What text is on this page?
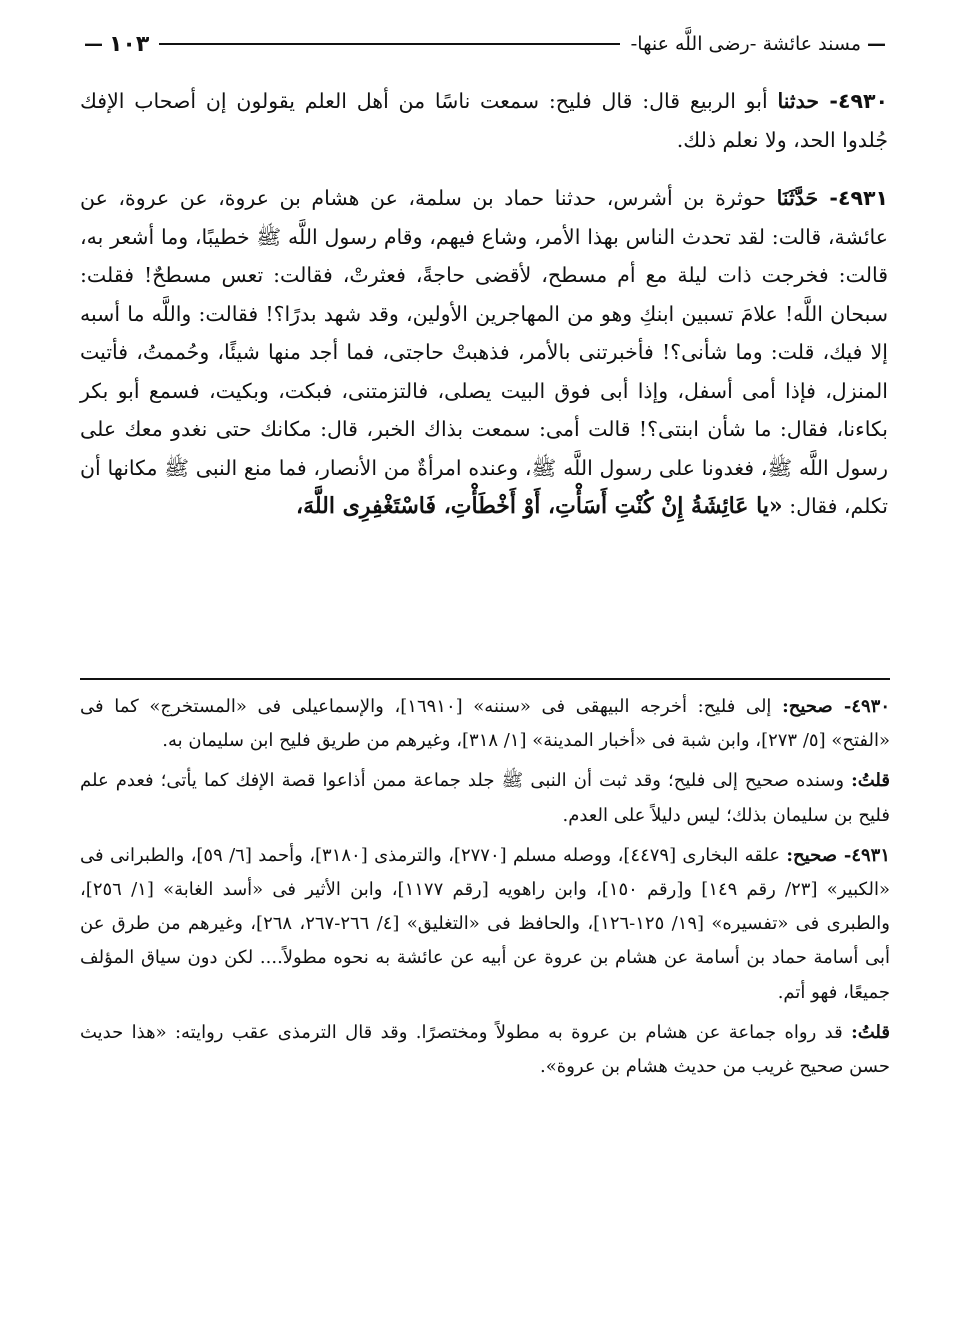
—
مسند عائشة -رضى اللَّه عنها-
١٠٣
—

٤٩٣٠- حدثنا أبو الربيع قال: قال فليح: سمعت ناسًا من أهل العلم يقولون إن أصحاب الإفك جُلدوا الحد، ولا نعلم ذلك.

٤٩٣١- حَدَّثَنَا حوثرة بن أشرس، حدثنا حماد بن سلمة، عن هشام بن عروة، عن عروة، عن عائشة، قالت: لقد تحدث الناس بهذا الأمر، وشاع فيهم، وقام رسول اللَّه ﷺ خطيبًا، وما أشعر به، قالت: فخرجت ذات ليلة مع أم مسطح، لأقضى حاجةً، فعثرتْ، فقالت: تعس مسطحٌ! فقلت: سبحان اللَّه! علامَ تسبين ابنكِ وهو من المهاجرين الأولين، وقد شهد بدرًا؟! فقالت: واللَّه ما أسبه إلا فيك، قلت: وما شأنى؟! فأخبرتنى بالأمر، فذهبتْ حاجتى، فما أجد منها شيئًا، وحُممتُ، فأتيت المنزل، فإذا أمى أسفل، وإذا أبى فوق البيت يصلى، فالتزمتنى، فبكت، وبكيت، فسمع أبو بكر بكاءنا، فقال: ما شأن ابنتى؟! قالت أمى: سمعت بذاك الخبر، قال: مكانك حتى نغدو معك على رسول اللَّه ﷺ، فغدونا على رسول اللَّه ﷺ، وعنده امرأةٌ من الأنصار، فما منع النبى ﷺ مكانها أن تكلم، فقال: «يا عَائِشَةُ إِنْ كُنْتِ أَسَأْتِ، أَوْ أَخْطَأْتِ، فَاسْتَغْفِرِى اللَّهَ،

٤٩٣٠- صحيح: إلى فليح: أخرجه البيهقى فى «سننه» [١٦٩١٠]، والإسماعيلى فى «المستخرج» كما فى «الفتح» [٥/ ٢٧٣]، وابن شبة فى «أخبار المدينة» [١/ ٣١٨]، وغيرهم من طريق فليح ابن سليمان به.

قلتُ: وسنده صحيح إلى فليح؛ وقد ثبت أن النبى ﷺ جلد جماعة ممن أذاعوا قصة الإفك كما يأتى؛ فعدم علم فليح بن سليمان بذلك؛ ليس دليلاً على العدم.

٤٩٣١- صحيح: علقه البخارى [٤٤٧٩]، ووصله مسلم [٢٧٧٠]، والترمذى [٣١٨٠]، وأحمد [٦/ ٥٩]، والطبرانى فى «الكبير» [٢٣/ رقم ١٤٩] و[رقم ١٥٠]، وابن راهويه [رقم ١١٧٧]، وابن الأثير فى «أسد الغابة» [١/ ٢٥٦]، والطبرى فى «تفسيره» [١٩/ ١٢٥-١٢٦]، والحافظ فى «التغليق» [٤/ ٢٦٦-٢٦٧، ٢٦٨]، وغيرهم من طرق عن أبى أسامة حماد بن أسامة عن هشام بن عروة عن أبيه عن عائشة به نحوه مطولاً.... لكن دون سياق المؤلف جميعًا، فهو أتم.

قلتُ: قد رواه جماعة عن هشام بن عروة به مطولاً ومختصرًا. وقد قال الترمذى عقب روايته: «هذا حديث حسن صحيح غريب من حديث هشام بن عروة».
